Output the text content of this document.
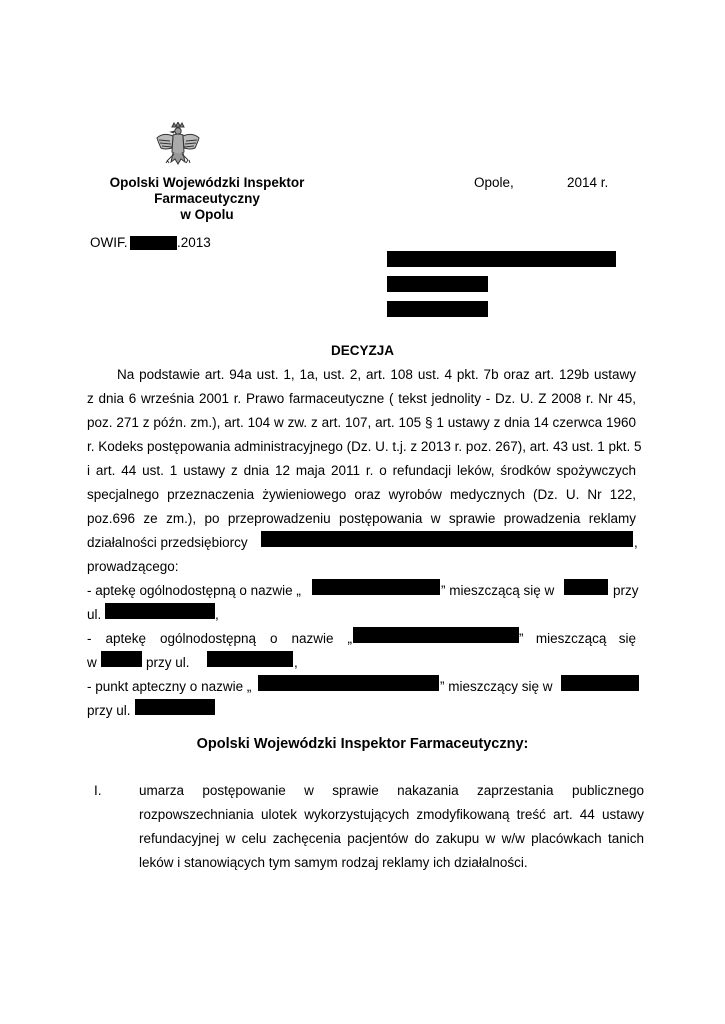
Opolski Wojewódzki Inspektor
Farmaceutyczny
w Opolu
Opole,	2014 r.
OWIF.	.2013
DECYZJA
Na podstawie art. 94a ust. 1, 1a, ust. 2, art. 108 ust. 4 pkt. 7b oraz art. 129b ustawy
z dnia 6 września 2001 r. Prawo farmaceutyczne ( tekst jednolity - Dz. U. Z 2008 r. Nr 45,
poz. 271 z późn. zm.), art. 104 w zw. z art. 107, art. 105 § 1 ustawy z dnia 14 czerwca 1960
r. Kodeks postępowania administracyjnego (Dz. U. t.j. z 2013 r. poz. 267), art. 43 ust. 1 pkt. 5
i art. 44 ust. 1 ustawy z dnia 12 maja 2011 r. o refundacji leków, środków spożywczych
specjalnego przeznaczenia żywieniowego oraz wyrobów medycznych (Dz. U. Nr 122,
poz.696 ze zm.), po przeprowadzeniu postępowania w sprawie prowadzenia reklamy
działalności przedsiębiorcy	,
prowadzącego:
- aptekę ogólnodostępną o nazwie „	” mieszczącą się w	przy
ul.	,
- aptekę ogólnodostępną o nazwie „	” mieszczącą się
w	przy ul.	,
- punkt apteczny o nazwie „	” mieszczący się w
przy ul.
Opolski Wojewódzki Inspektor Farmaceutyczny:
I.	umarza postępowanie w sprawie nakazania zaprzestania publicznego
rozpowszechniania ulotek wykorzystujących zmodyfikowaną treść art. 44 ustawy
refundacyjnej w celu zachęcenia pacjentów do zakupu w w/w placówkach tanich
leków i stanowiących tym samym rodzaj reklamy ich działalności.
